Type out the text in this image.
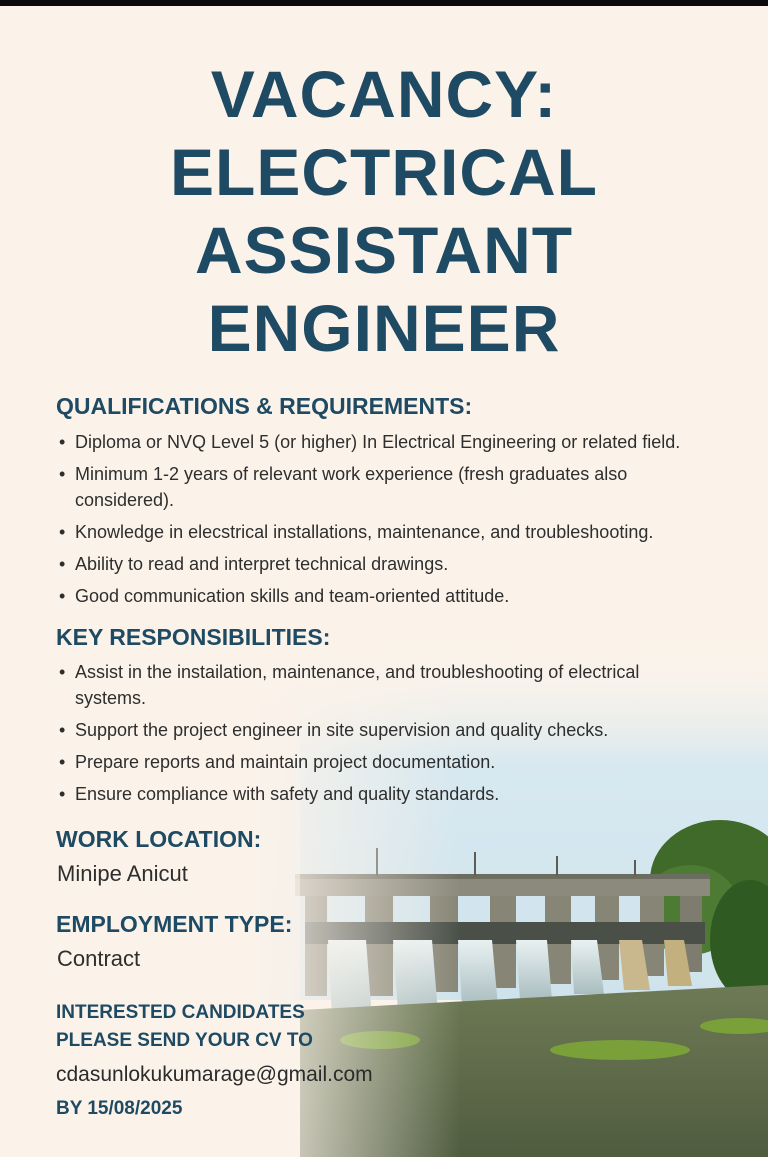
VACANCY:
ELECTRICAL
ASSISTANT
ENGINEER
QUALIFICATIONS & REQUIREMENTS:
• Diploma or NVQ Level 5 (or higher) In Electrical Engineering or related field.
• Minimum 1-2 years of relevant work experience (fresh graduates also considered).
• Knowledge in elecstrical installations, maintenance, and troubleshooting.
• Ability to read and interpret technical drawings.
• Good communication skills and team-oriented attitude.
KEY RESPONSIBILITIES:
• Assist in the instailation, maintenance, and troubleshooting of electrical systems.
• Support the project engineer in site supervision and quality checks.
• Prepare reports and maintain project documentation.
• Ensure compliance with safety and quality standards.
WORK LOCATION:
Minipe Anicut
EMPLOYMENT TYPE:
Contract
INTERESTED CANDIDATES
PLEASE SEND YOUR CV TO
cdasunlokukumarage@gmail.com
BY 15/08/2025
